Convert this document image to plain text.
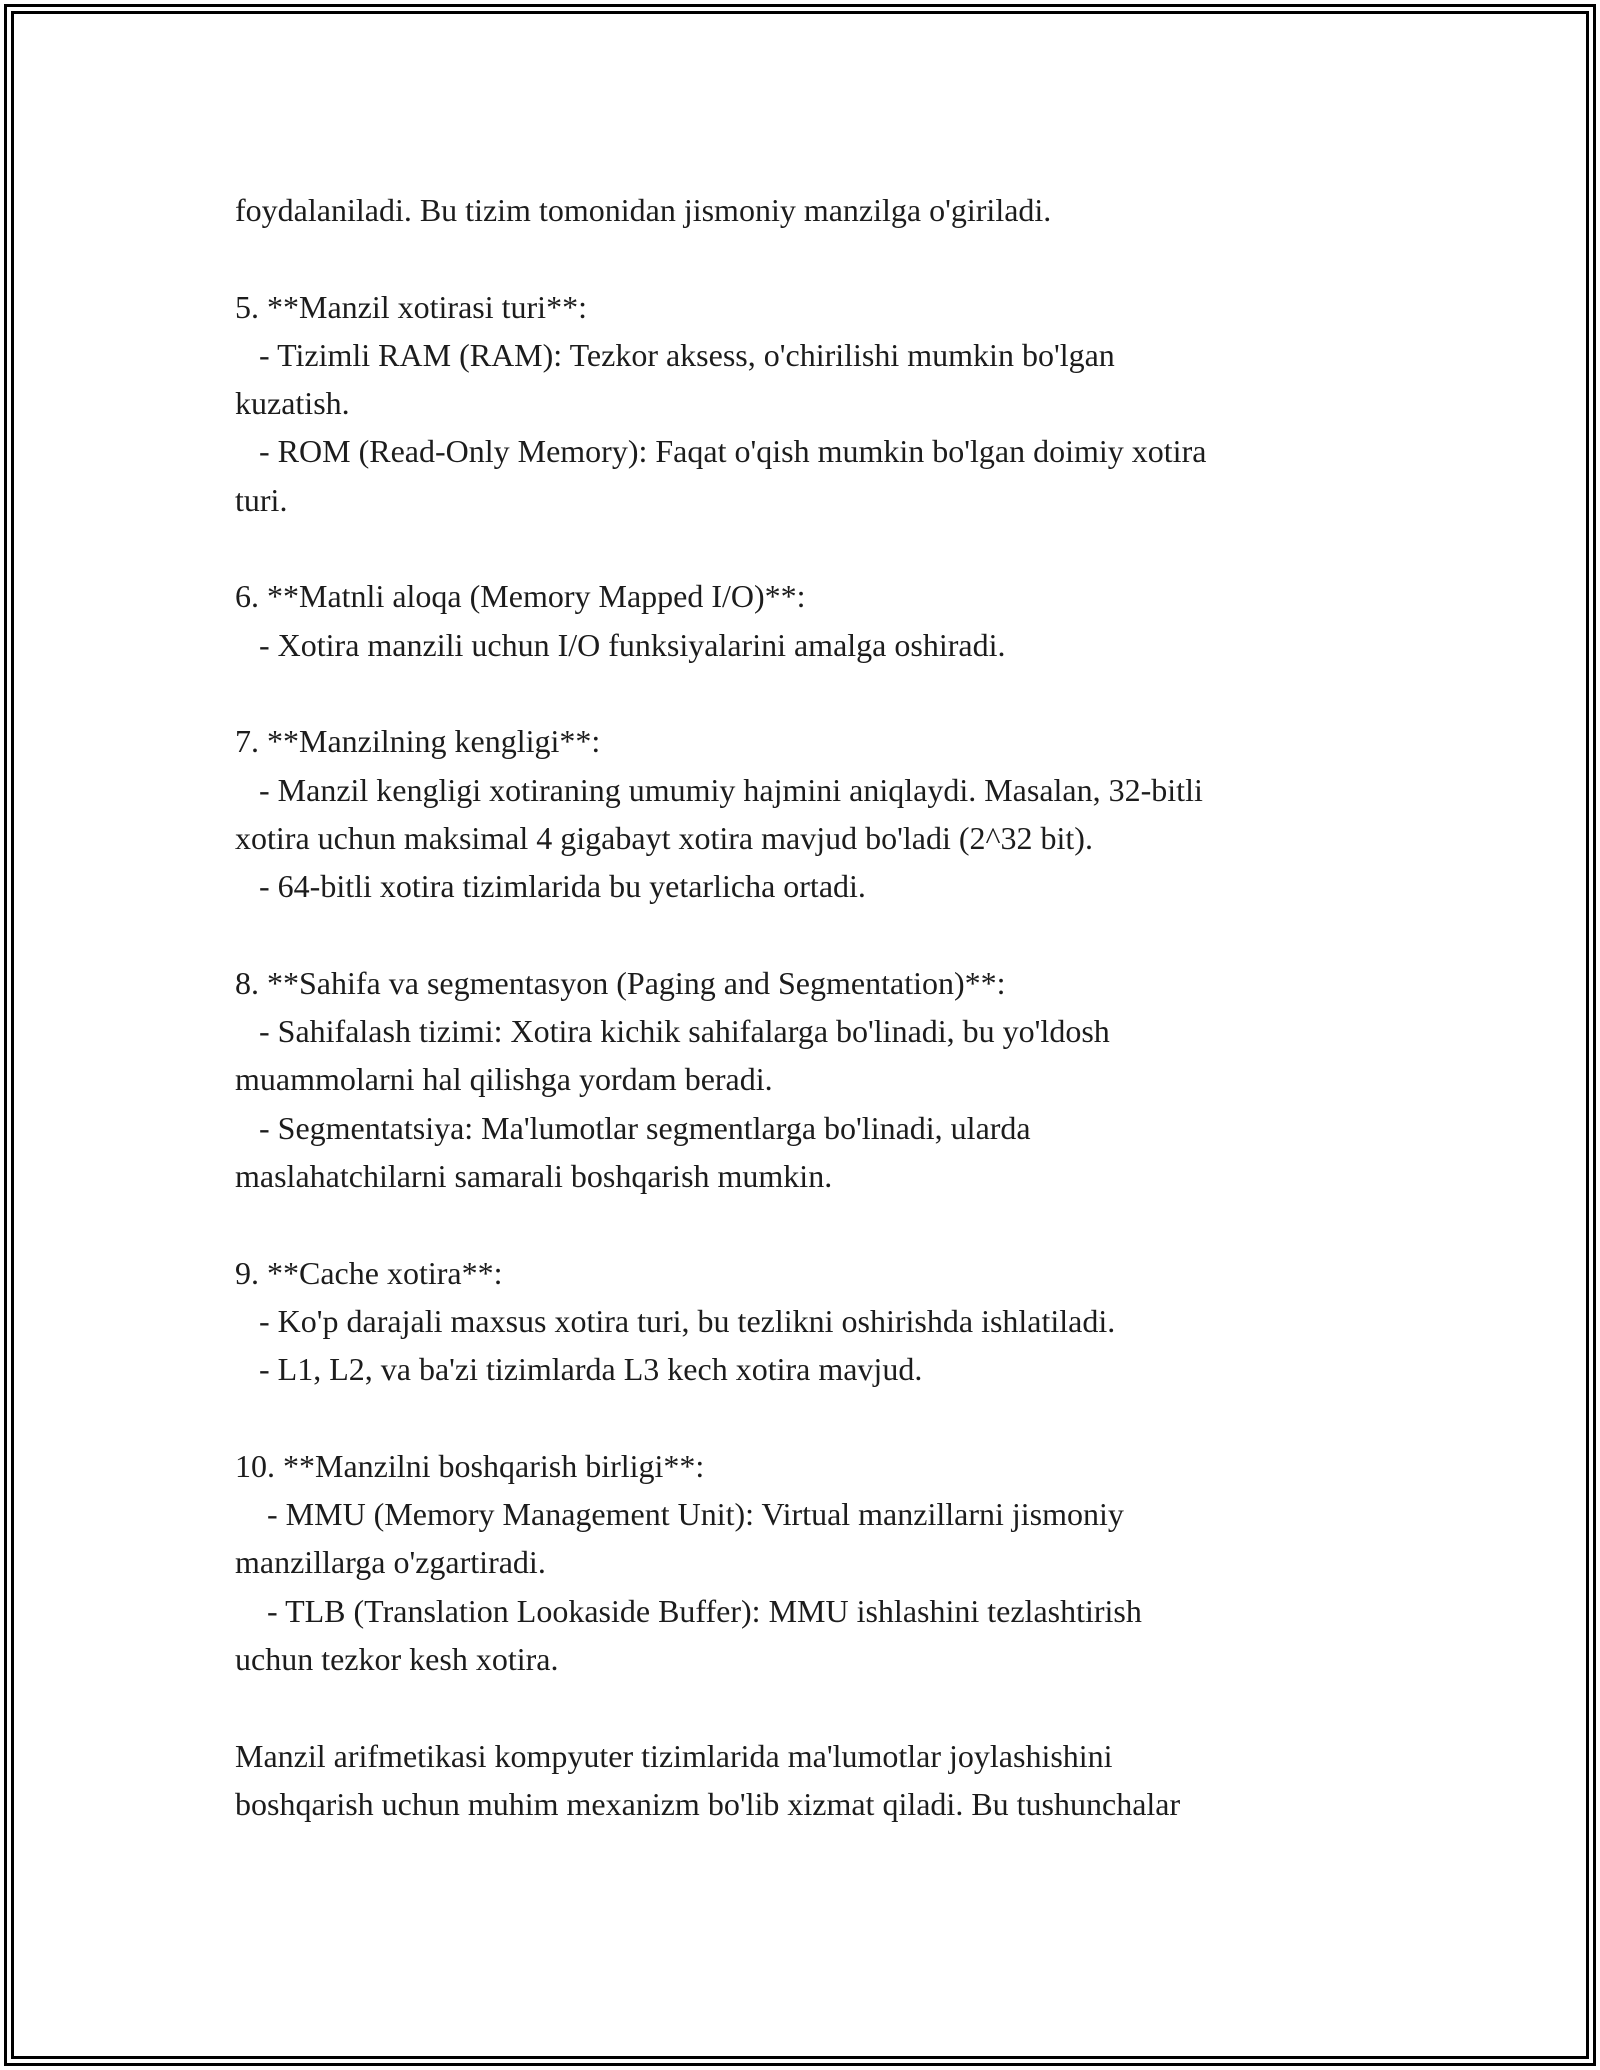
foydalaniladi. Bu tizim tomonidan jismoniy manzilga o'giriladi.
5. **Manzil xotirasi turi**:
- Tizimli RAM (RAM): Tezkor aksess, o'chirilishi mumkin bo'lgan
kuzatish.
- ROM (Read-Only Memory): Faqat o'qish mumkin bo'lgan doimiy xotira
turi.
6. **Matnli aloqa (Memory Mapped I/O)**:
- Xotira manzili uchun I/O funksiyalarini amalga oshiradi.
7. **Manzilning kengligi**:
- Manzil kengligi xotiraning umumiy hajmini aniqlaydi. Masalan, 32-bitli
xotira uchun maksimal 4 gigabayt xotira mavjud bo'ladi (2^32 bit).
- 64-bitli xotira tizimlarida bu yetarlicha ortadi.
8. **Sahifa va segmentasyon (Paging and Segmentation)**:
- Sahifalash tizimi: Xotira kichik sahifalarga bo'linadi, bu yo'ldosh
muammolarni hal qilishga yordam beradi.
- Segmentatsiya: Ma'lumotlar segmentlarga bo'linadi, ularda
maslahatchilarni samarali boshqarish mumkin.
9. **Cache xotira**:
- Ko'p darajali maxsus xotira turi, bu tezlikni oshirishda ishlatiladi.
- L1, L2, va ba'zi tizimlarda L3 kech xotira mavjud.
10. **Manzilni boshqarish birligi**:
- MMU (Memory Management Unit): Virtual manzillarni jismoniy
manzillarga o'zgartiradi.
- TLB (Translation Lookaside Buffer): MMU ishlashini tezlashtirish
uchun tezkor kesh xotira.
Manzil arifmetikasi kompyuter tizimlarida ma'lumotlar joylashishini
boshqarish uchun muhim mexanizm bo'lib xizmat qiladi. Bu tushunchalar
